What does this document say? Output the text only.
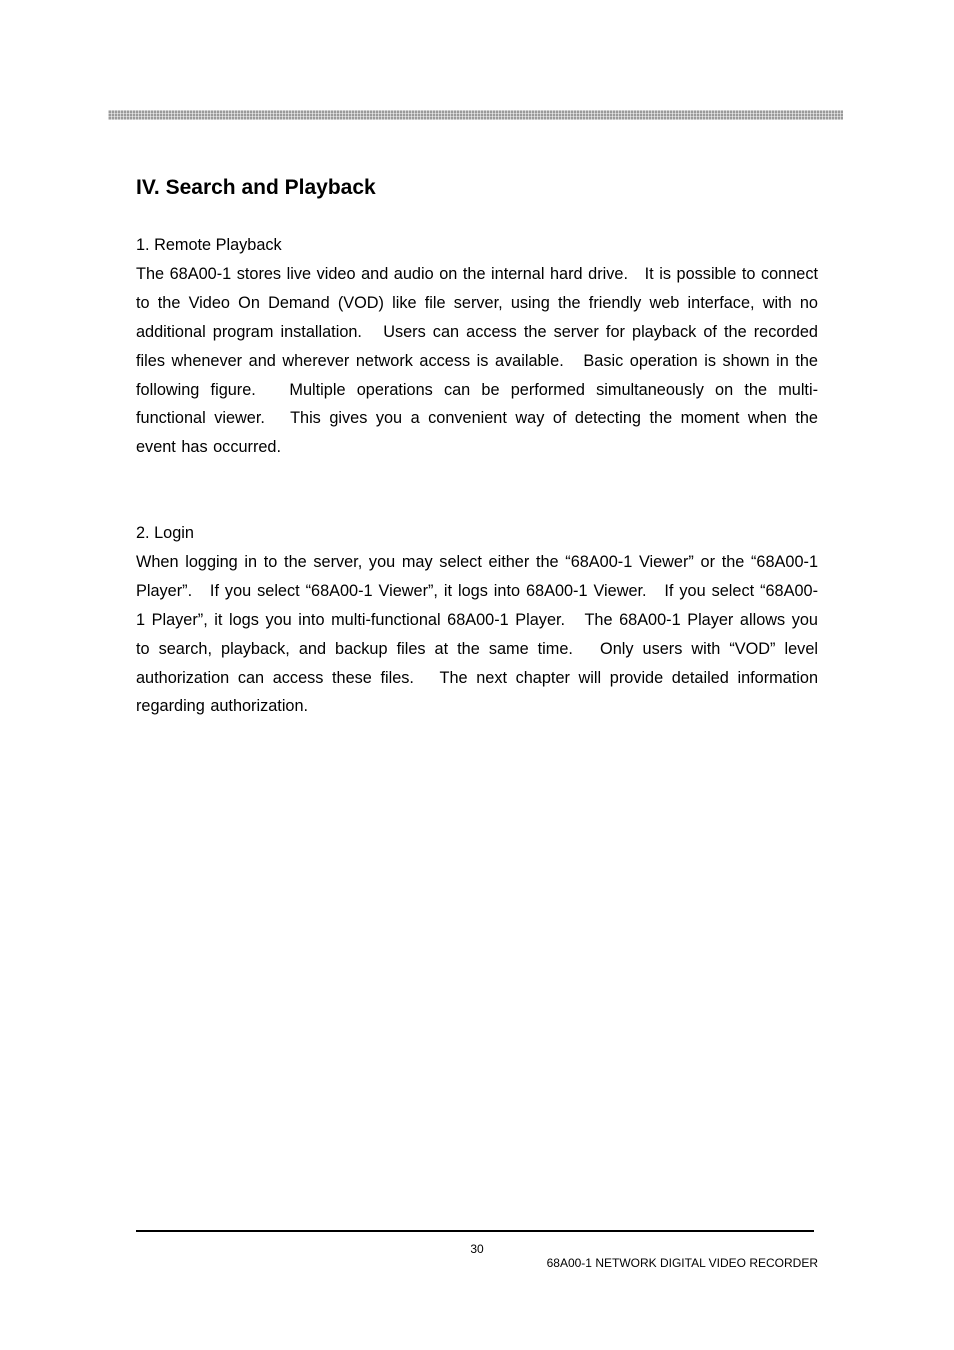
IV. Search and Playback
1. Remote Playback

The 68A00-1 stores live video and audio on the internal hard drive.   It is possible to connect to the Video On Demand (VOD) like file server, using the friendly web interface, with no additional program installation.   Users can access the server for playback of the recorded files whenever and wherever network access is available.   Basic operation is shown in the following figure.   Multiple operations can be performed simultaneously on the multi-functional viewer.   This gives you a convenient way of detecting the moment when the event has occurred.

2. Login

When logging in to the server, you may select either the “68A00-1 Viewer” or the “68A00-1 Player”.   If you select “68A00-1 Viewer”, it logs into 68A00-1 Viewer.   If you select “68A00-1 Player”, it logs you into multi-functional 68A00-1 Player.   The 68A00-1 Player allows you to search, playback, and backup files at the same time.   Only users with “VOD” level authorization can access these files.   The next chapter will provide detailed information regarding authorization.

30
68A00-1 NETWORK DIGITAL VIDEO RECORDER
